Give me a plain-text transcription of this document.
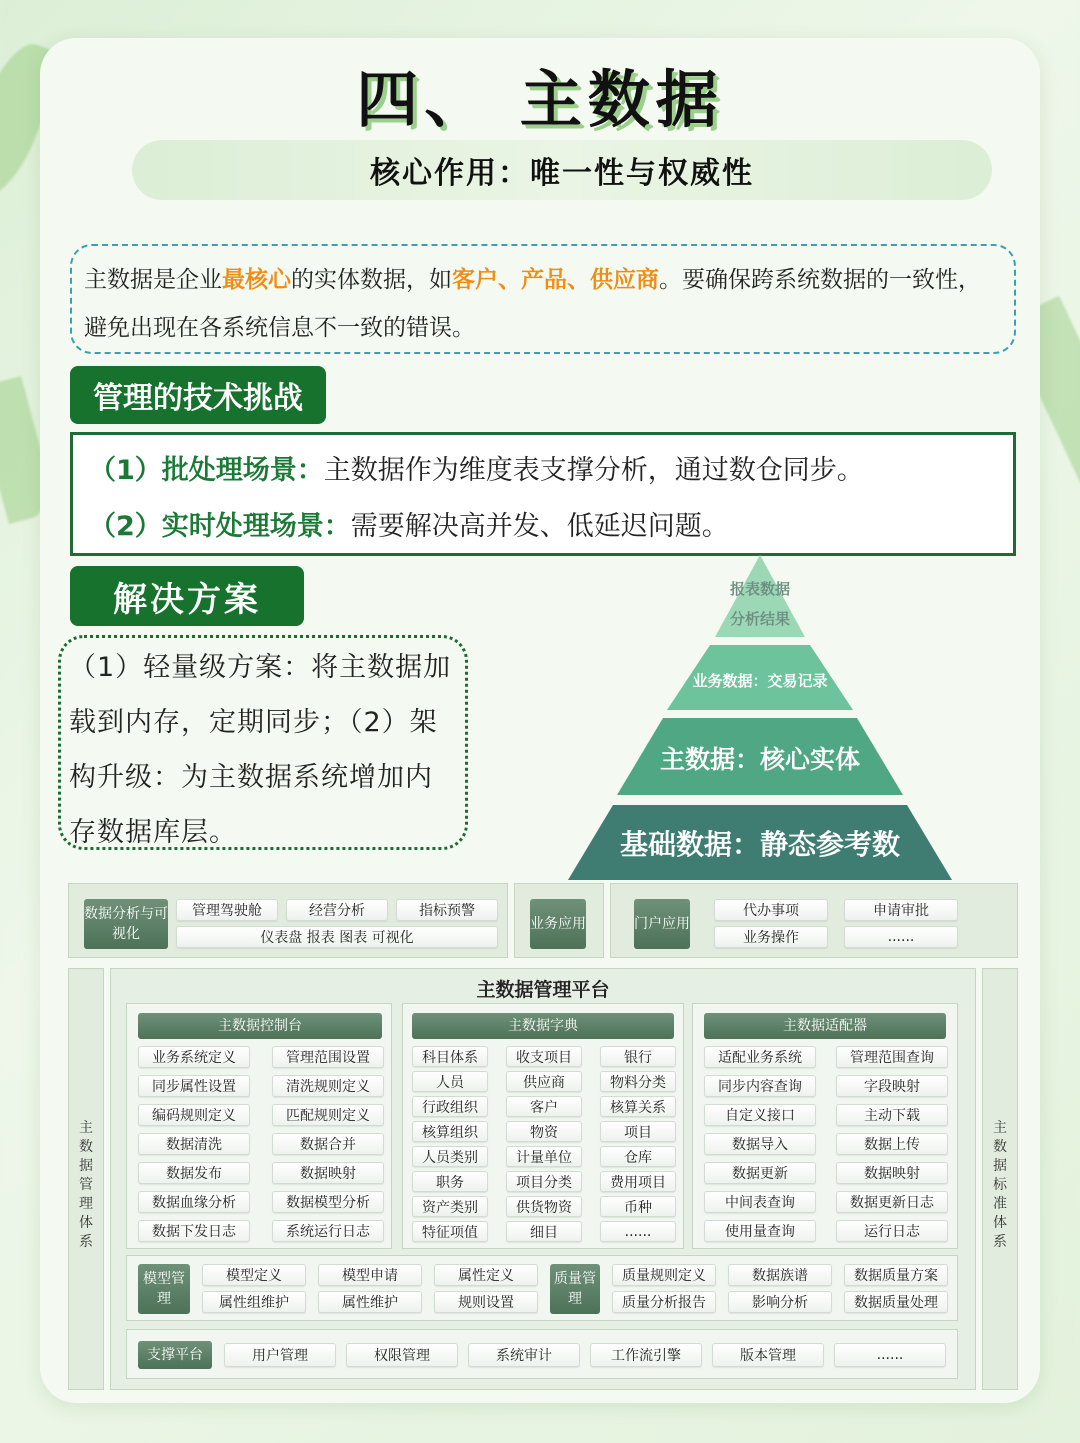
四、 主数据
核心作用：唯一性与权威性
主数据是企业最核心的实体数据，如客户、产品、供应商。要确保跨系统数据的一致性，避免出现在各系统信息不一致的错误。
管理的技术挑战
（1）批处理场景：主数据作为维度表支撑分析，通过数仓同步。
（2）实时处理场景：需要解决高并发、低延迟问题。
解决方案
（1）轻量级方案：将主数据加载到内存，定期同步；（2）架构升级：为主数据系统增加内存数据库层。
报表数据
分析结果
业务数据：交易记录
主数据：核心实体
基础数据：静态参考数
数据分析与可视化
管理驾驶舱	经营分析	指标预警
仪表盘 报表 图表 可视化
业务应用	门户应用
代办事项	申请审批
业务操作	......
主数据管理体系
主数据标准体系
主数据管理平台
主数据控制台	主数据字典	主数据适配器
业务系统定义	管理范围设置
同步属性设置	清洗规则定义
编码规则定义	匹配规则定义
数据清洗	数据合并
数据发布	数据映射
数据血缘分析	数据模型分析
数据下发日志	系统运行日志
科目体系	收支项目	银行
人员	供应商	物料分类
行政组织	客户	核算关系
核算组织	物资	项目
人员类别	计量单位	仓库
职务	项目分类	费用项目
资产类别	供货物资	币种
特征项值	细目	......
适配业务系统	管理范围查询
同步内容查询	字段映射
自定义接口	主动下载
数据导入	数据上传
数据更新	数据映射
中间表查询	数据更新日志
使用量查询	运行日志
模型管理
模型定义	模型申请	属性定义
属性组维护	属性维护	规则设置
质量管理
质量规则定义	数据族谱	数据质量方案
质量分析报告	影响分析	数据质量处理
支撑平台	用户管理	权限管理	系统审计	工作流引擎	版本管理	......
